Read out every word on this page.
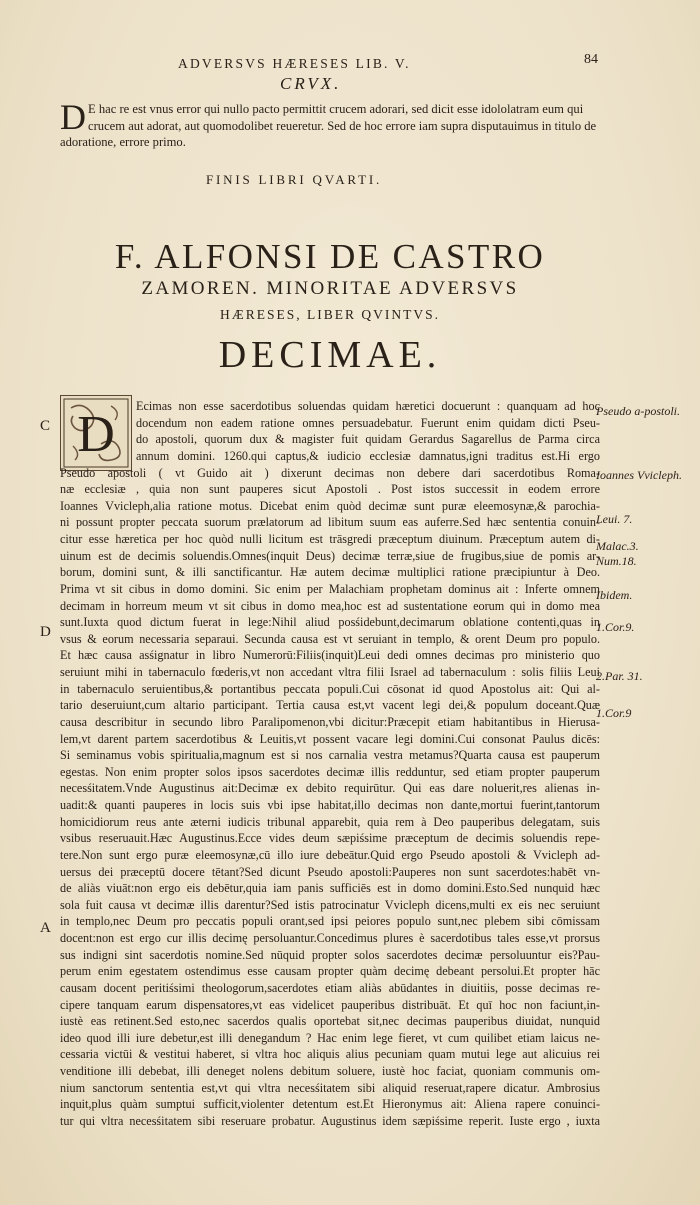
ADVERSVS HÆRESES LIB. V.	84
CRVX.
D E hac re est vnus error qui nullo pacto permittit crucem adorari, sed dicit esse idololatram eum qui crucem aut adorat, aut quomodolibet reueretur. Sed de hoc errore iam supra disputauimus in titulo de adoratione, errore primo.
FINIS LIBRI QVARTI.
F. ALFONSI DE CASTRO
ZAMOREN. MINORITAE ADVERSVS
HÆRESES, LIBER QVINTVS.
DECIMAE.
D	Ecimas non esse sacerdotibus soluendas quidam hæretici docuerunt : quanquam ad hoc
docendum non eadem ratione omnes persuadebatur. Fuerunt enim quidam dicti Pseu-
do apostoli, quorum dux & magister fuit quidam Gerardus Sagarellus de Parma circa
annum domini. 1260.qui captus,& iudicio ecclesiæ damnatus,igni traditus est.Hi ergo
Pseudo apostoli ( vt Guido ait ) dixerunt decimas non debere dari sacerdotibus Roma-
næ ecclesiæ , quia non sunt pauperes sicut Apostoli . Post istos successit in eodem errore
Ioannes Vvicleph,alia ratione motus. Dicebat enim quòd decimæ sunt puræ eleemosynæ,& parochia-
ni possunt propter peccata suorum prælatorum ad libitum suum eas auferre.Sed hæc sententia conuin-
citur esse hæretica per hoc quòd nulli licitum est trāsgredi præceptum diuinum. Præceptum autem di-
uinum est de decimis soluendis.Omnes(inquit Deus) decimæ terræ,siue de frugibus,siue de pomis ar-
borum, domini sunt, & illi sanctificantur. Hæ autem decimæ multiplici ratione præcipiuntur à Deo.
Prima vt sit cibus in domo domini. Sic enim per Malachiam prophetam dominus ait : Inferte omnem
decimam in horreum meum vt sit cibus in domo mea,hoc est ad sustentatione eorum qui in domo mea
sunt.Iuxta quod dictum fuerat in lege:Nihil aliud posśidebunt,decimarum oblatione contenti,quas in
vsus & eorum necessaria separaui. Secunda causa est vt seruiant in templo, & orent Deum pro populo.
Et hæc causa asśignatur in libro Numerorū:Filiis(inquit)Leui dedi omnes decimas pro ministerio quo
seruiunt mihi in tabernaculo fœderis,vt non accedant vltra filii Israel ad tabernaculum : solis filiis Leui
in tabernaculo seruientibus,& portantibus peccata populi.Cui cōsonat id quod Apostolus ait: Qui al-
tario deseruiunt,cum altario participant. Tertia causa est,vt vacent legi dei,& populum doceant.Quæ
causa describitur in secundo libro Paralipomenon,vbi dicitur:Præcepit etiam habitantibus in Hierusa-
lem,vt darent partem sacerdotibus & Leuitis,vt possent vacare legi domini.Cui consonat Paulus dicēs:
Si seminamus vobis spiritualia,magnum est si nos carnalia vestra metamus?Quarta causa est pauperum
egestas. Non enim propter solos ipsos sacerdotes decimæ illis redduntur, sed etiam propter pauperum
necesśitatem.Vnde Augustinus ait:Decimæ ex debito requirūtur. Qui eas dare noluerit,res alienas in-
uadit:& quanti pauperes in locis suis vbi ipse habitat,illo decimas non dante,mortui fuerint,tantorum
homicidiorum reus ante æterni iudicis tribunal apparebit, quia rem à Deo pauperibus delegatam, suis
vsibus reseruauit.Hæc Augustinus.Ecce vides deum sæpiśsime præceptum de decimis soluendis repe-
tere.Non sunt ergo puræ eleemosynæ,cū illo iure debeātur.Quid ergo Pseudo apostoli & Vvicleph ad-
uersus dei præceptū docere tētant?Sed dicunt Pseudo apostoli:Pauperes non sunt sacerdotes:habēt vn-
de aliàs viuāt:non ergo eis debētur,quia iam panis sufficiēs est in domo domini.Esto.Sed nunquid hæc
sola fuit causa vt decimæ illis darentur?Sed istis patrocinatur Vvicleph dicens,multi ex eis nec seruiunt
in templo,nec Deum pro peccatis populi orant,sed ipsi peiores populo sunt,nec plebem sibi cōmissam
docent:non est ergo cur illis decimę persoluantur.Concedimus plures è sacerdotibus tales esse,vt prorsus
sus indigni sint sacerdotis nomine.Sed nūquid propter solos sacerdotes decimæ persoluuntur eis?Pau-
perum enim egestatem ostendimus esse causam propter quàm decimę debeant persolui.Et propter hāc
causam docent peritiśsimi theologorum,sacerdotes etiam aliàs abūdantes in diuitiis, posse decimas re-
cipere tanquam earum dispensatores,vt eas videlicet pauperibus distribuāt. Et quī hoc non faciunt,in-
iustè eas retinent.Sed esto,nec sacerdos qualis oportebat sit,nec decimas pauperibus diuidat, nunquid
ideo quod illi iure debetur,est illi denegandum ? Hac enim lege fieret, vt cum quilibet etiam laicus ne-
cessaria victūi & vestitui haberet, si vltra hoc aliquis alius pecuniam quam mutui lege aut alicuius rei
venditione illi debebat, illi deneget nolens debitum soluere, iustè hoc faciat, quoniam communis om-
nium sanctorum sententia est,vt qui vltra necesśitatem sibi aliquid reseruat,rapere dicatur. Ambrosius
inquit,plus quàm sumptui sufficit,violenter detentum est.Et Hieronymus ait: Aliena rapere conuinci-
tur qui vltra necesśitatem sibi reseruare probatur. Augustinus idem sæpiśsime reperit. Iuste ergo , iuxta
C
D
A
Pseudo a-postoli.
Ioannes Vvicleph.
Leui. 7.
Malac.3.
Num.18.
Ibidem.
1.Cor.9.
2.Par. 31.
1.Cor.9
